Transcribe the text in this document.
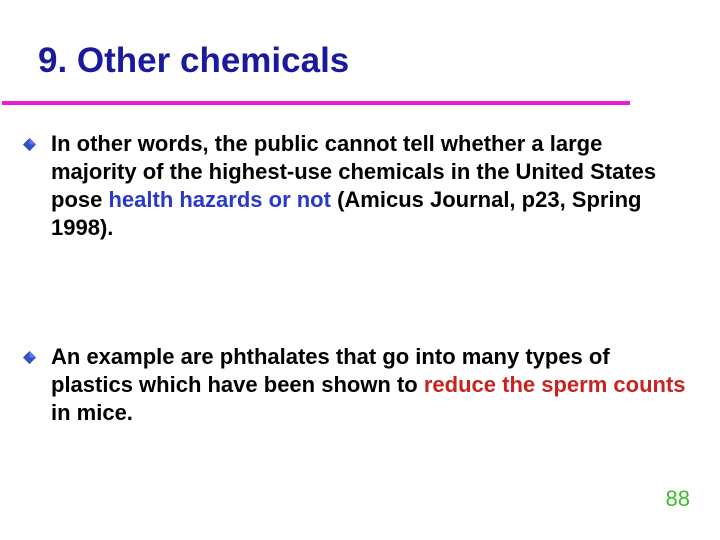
9. Other chemicals

In other words, the public cannot tell whether a large majority of the highest-use chemicals in the United States pose health hazards or not (Amicus Journal, p23, Spring 1998).

An example are phthalates that go into many types of plastics which have been shown to reduce the sperm counts in mice.

88
